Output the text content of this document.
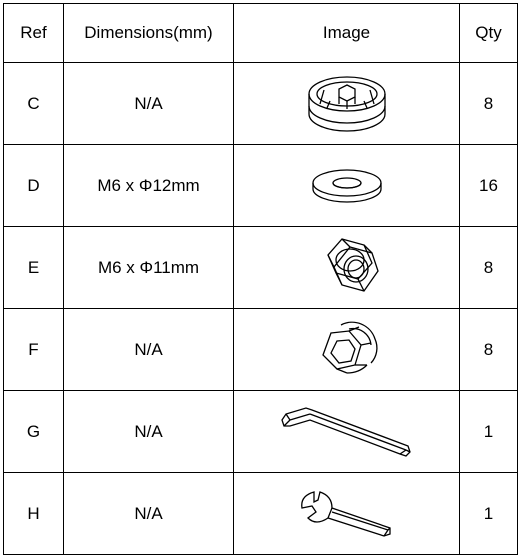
Ref	Dimensions(mm)	Image	Qty
C	N/A		8
D	M6 x Φ12mm		16
E	M6 x Φ11mm		8
F	N/A		8
G	N/A		1
H	N/A		1
